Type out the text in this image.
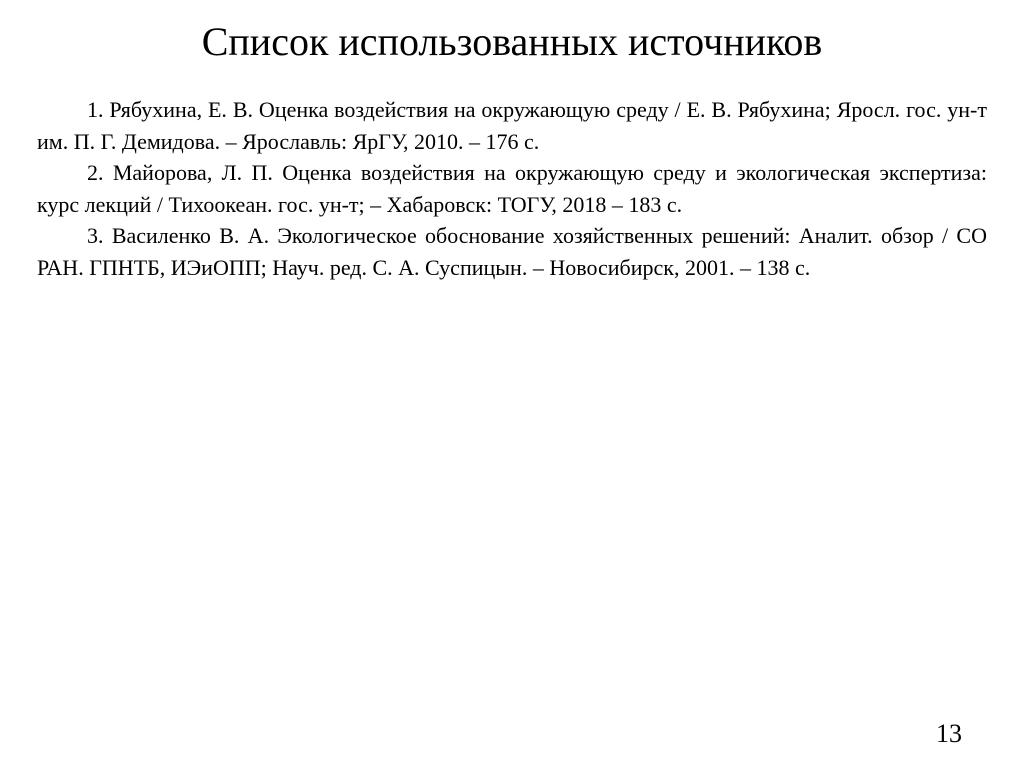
Список использованных источников
1. Рябухина, Е. В. Оценка воздействия на окружающую среду / Е. В. Рябухина; Яросл. гос. ун-т им. П. Г. Демидова. – Ярославль: ЯрГУ, 2010. – 176 с.
2. Майорова, Л. П. Оценка воздействия на окружающую среду и экологическая экспертиза: курс лекций / Тихоокеан. гос. ун-т; – Хабаровск: ТОГУ, 2018 – 183 с.
3. Василенко В. А. Экологическое обоснование хозяйственных решений: Аналит. обзор / СО РАН. ГПНТБ, ИЭиОПП; Науч. ред. С. А. Суспицын. – Новосибирск, 2001. – 138 с.
13
